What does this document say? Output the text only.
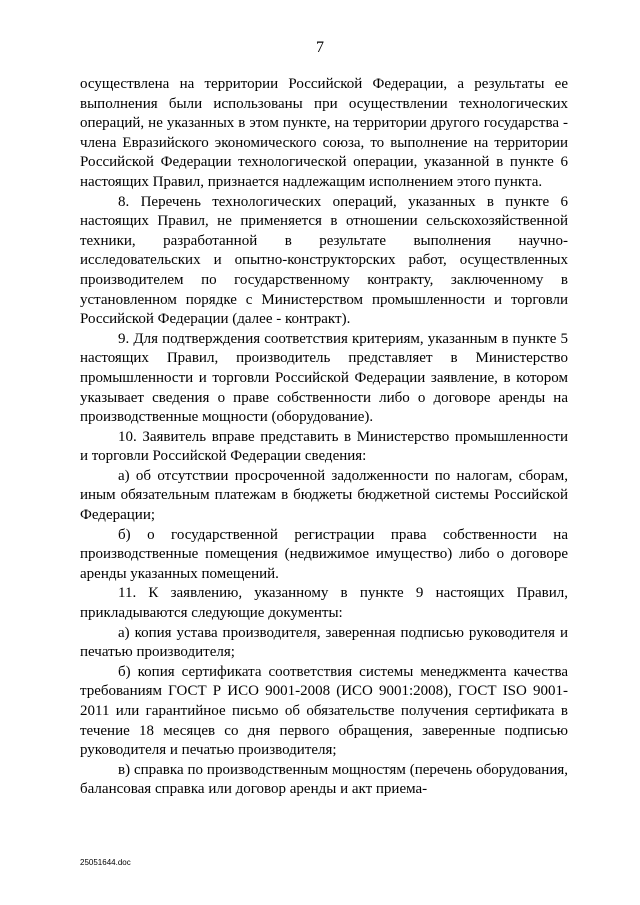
7

осуществлена на территории Российской Федерации, а результаты ее выполнения были использованы при осуществлении технологических операций, не указанных в этом пункте, на территории другого государства - члена Евразийского экономического союза, то выполнение на территории Российской Федерации технологической операции, указанной в пункте 6 настоящих Правил, признается надлежащим исполнением этого пункта.

8. Перечень технологических операций, указанных в пункте 6 настоящих Правил, не применяется в отношении сельскохозяйственной техники, разработанной в результате выполнения научно-исследовательских и опытно-конструкторских работ, осуществленных производителем по государственному контракту, заключенному в установленном порядке с Министерством промышленности и торговли Российской Федерации (далее - контракт).

9. Для подтверждения соответствия критериям, указанным в пункте 5 настоящих Правил, производитель представляет в Министерство промышленности и торговли Российской Федерации заявление, в котором указывает сведения о праве собственности либо о договоре аренды на производственные мощности (оборудование).

10. Заявитель вправе представить в Министерство промышленности и торговли Российской Федерации сведения:

а) об отсутствии просроченной задолженности по налогам, сборам, иным обязательным платежам в бюджеты бюджетной системы Российской Федерации;

б) о государственной регистрации права собственности на производственные помещения (недвижимое имущество) либо о договоре аренды указанных помещений.

11. К заявлению, указанному в пункте 9 настоящих Правил, прикладываются следующие документы:

а) копия устава производителя, заверенная подписью руководителя и печатью производителя;

б) копия сертификата соответствия системы менеджмента качества требованиям ГОСТ Р ИСО 9001-2008 (ИСО 9001:2008), ГОСТ ISO 9001-2011 или гарантийное письмо об обязательстве получения сертификата в течение 18 месяцев со дня первого обращения, заверенные подписью руководителя и печатью производителя;

в) справка по производственным мощностям (перечень оборудования, балансовая справка или договор аренды и акт приема-

25051644.doc
